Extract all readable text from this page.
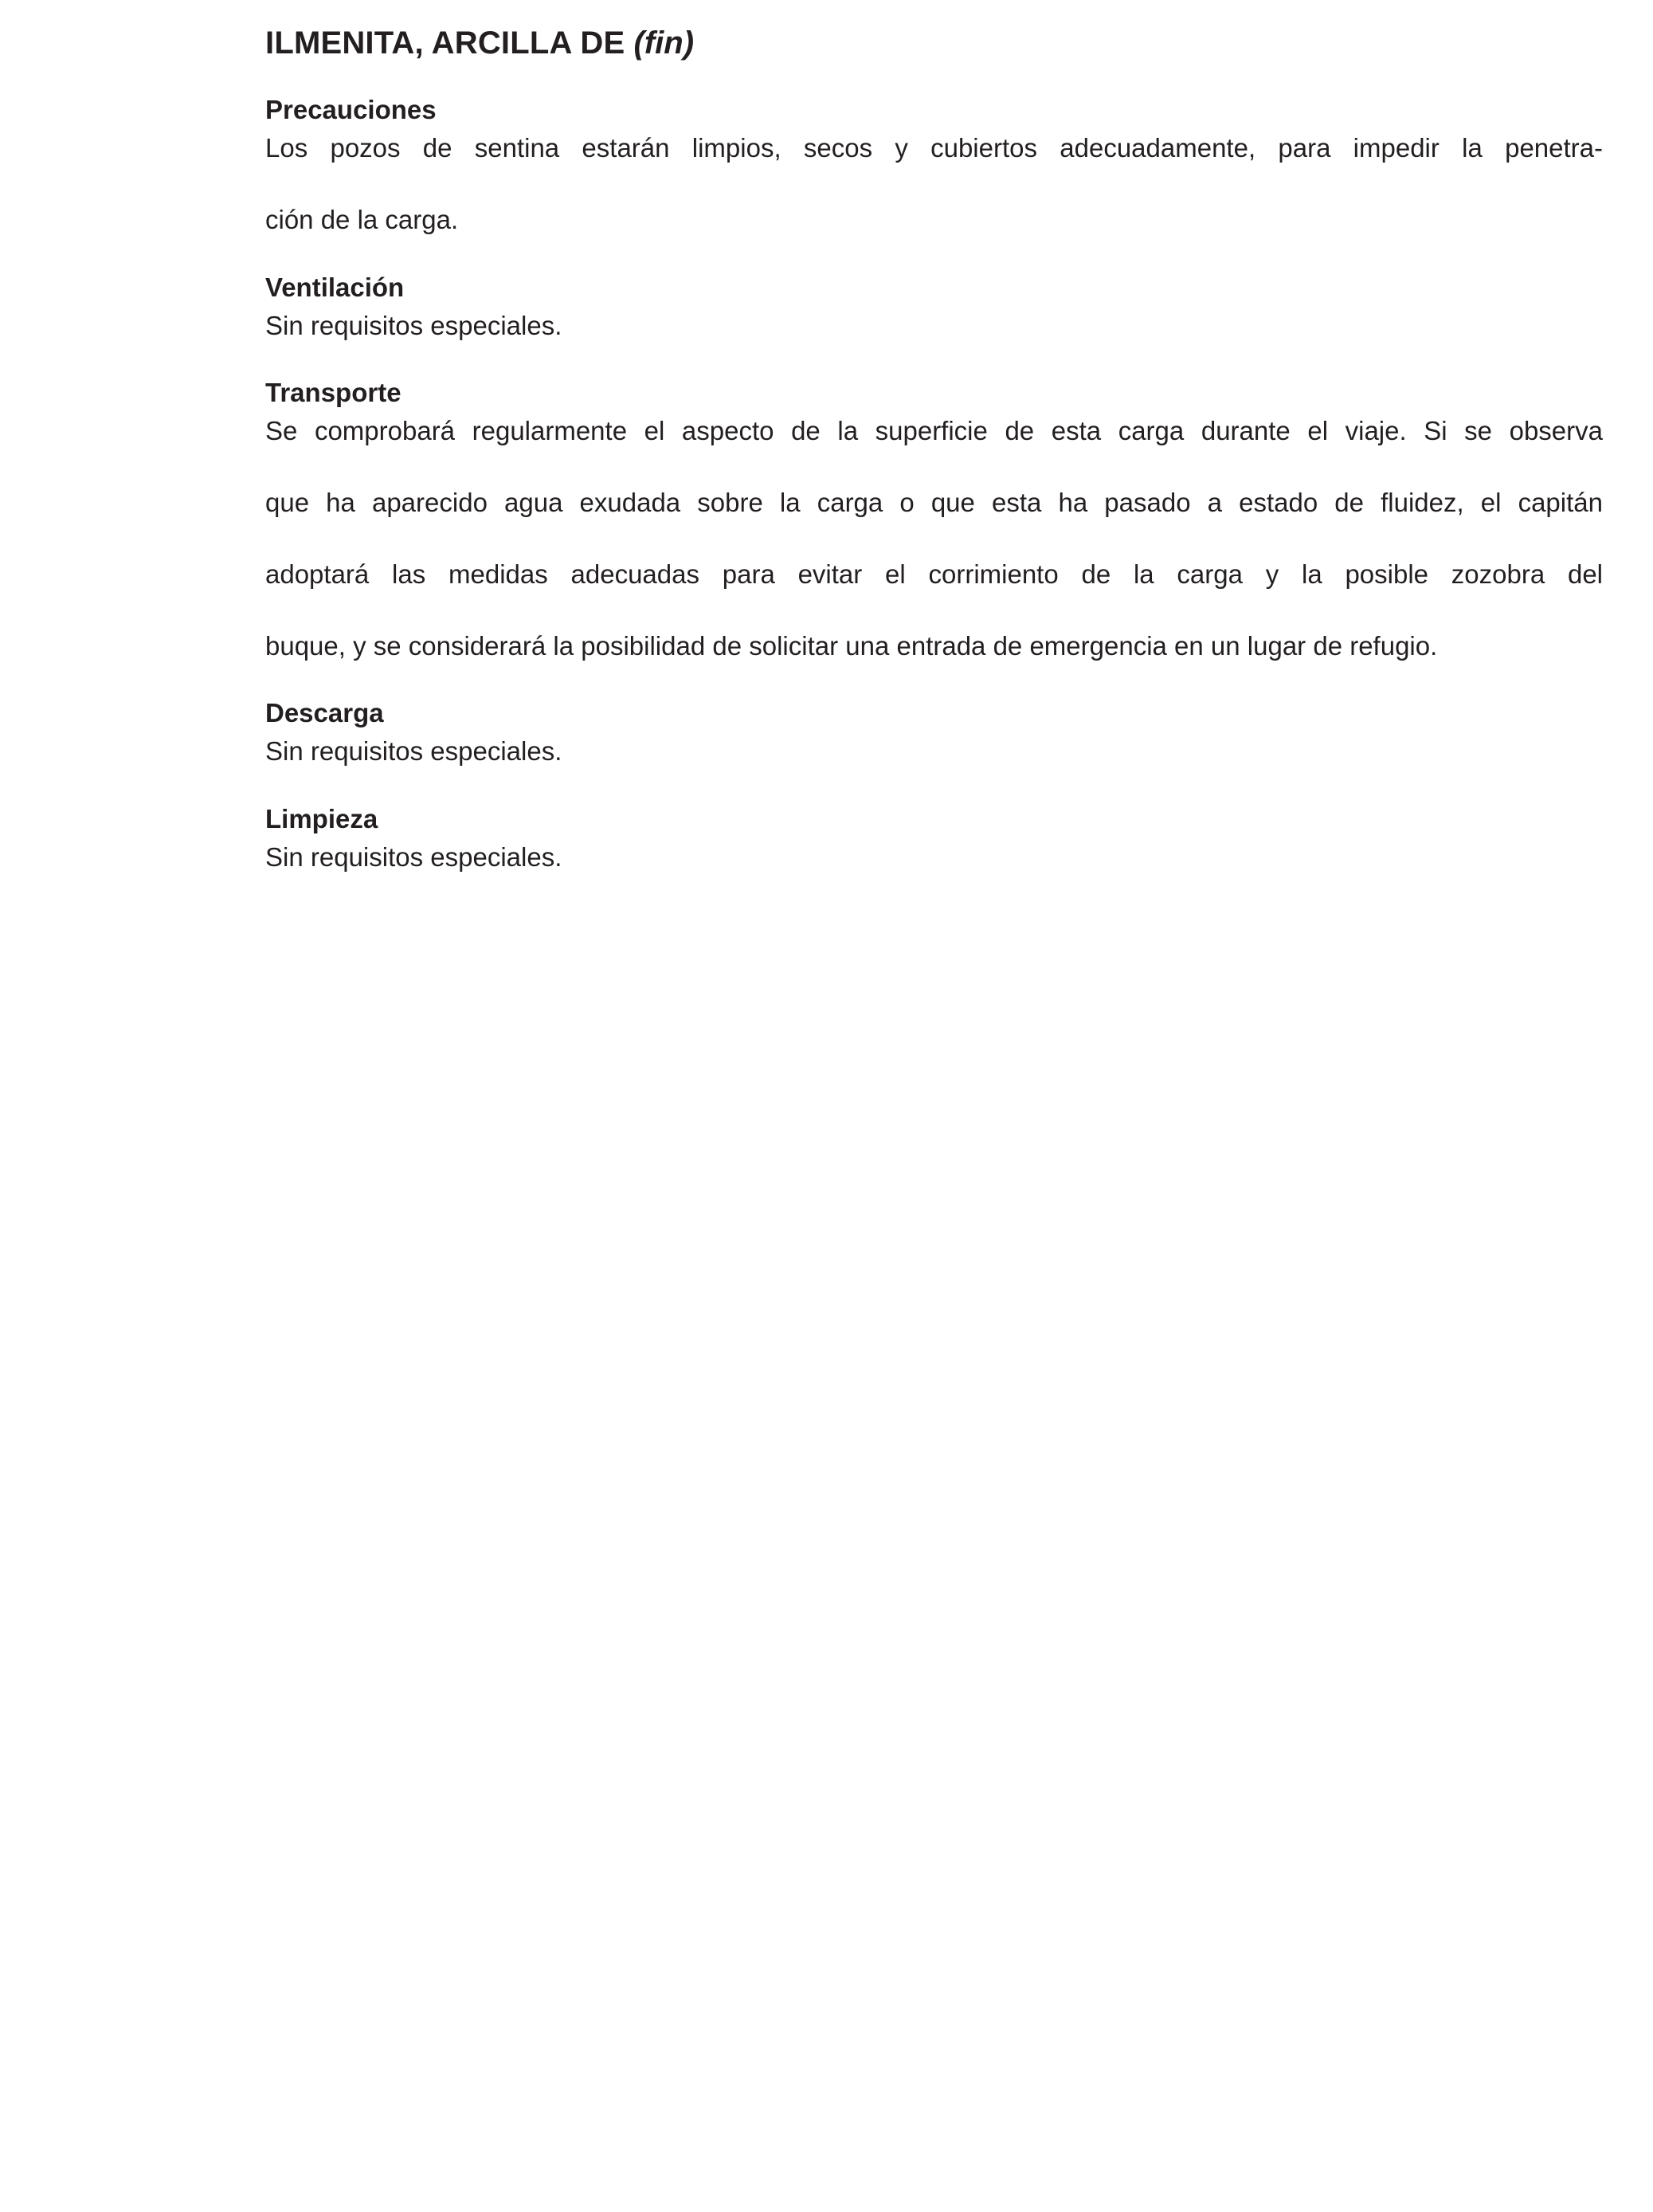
ILMENITA, ARCILLA DE (fin)
Precauciones
Los pozos de sentina estarán limpios, secos y cubiertos adecuadamente, para impedir la penetra-
ción de la carga.
Ventilación
Sin requisitos especiales.
Transporte
Se comprobará regularmente el aspecto de la superficie de esta carga durante el viaje. Si se observa
que ha aparecido agua exudada sobre la carga o que esta ha pasado a estado de fluidez, el capitán
adoptará las medidas adecuadas para evitar el corrimiento de la carga y la posible zozobra del
buque, y se considerará la posibilidad de solicitar una entrada de emergencia en un lugar de refugio.
Descarga
Sin requisitos especiales.
Limpieza
Sin requisitos especiales.
